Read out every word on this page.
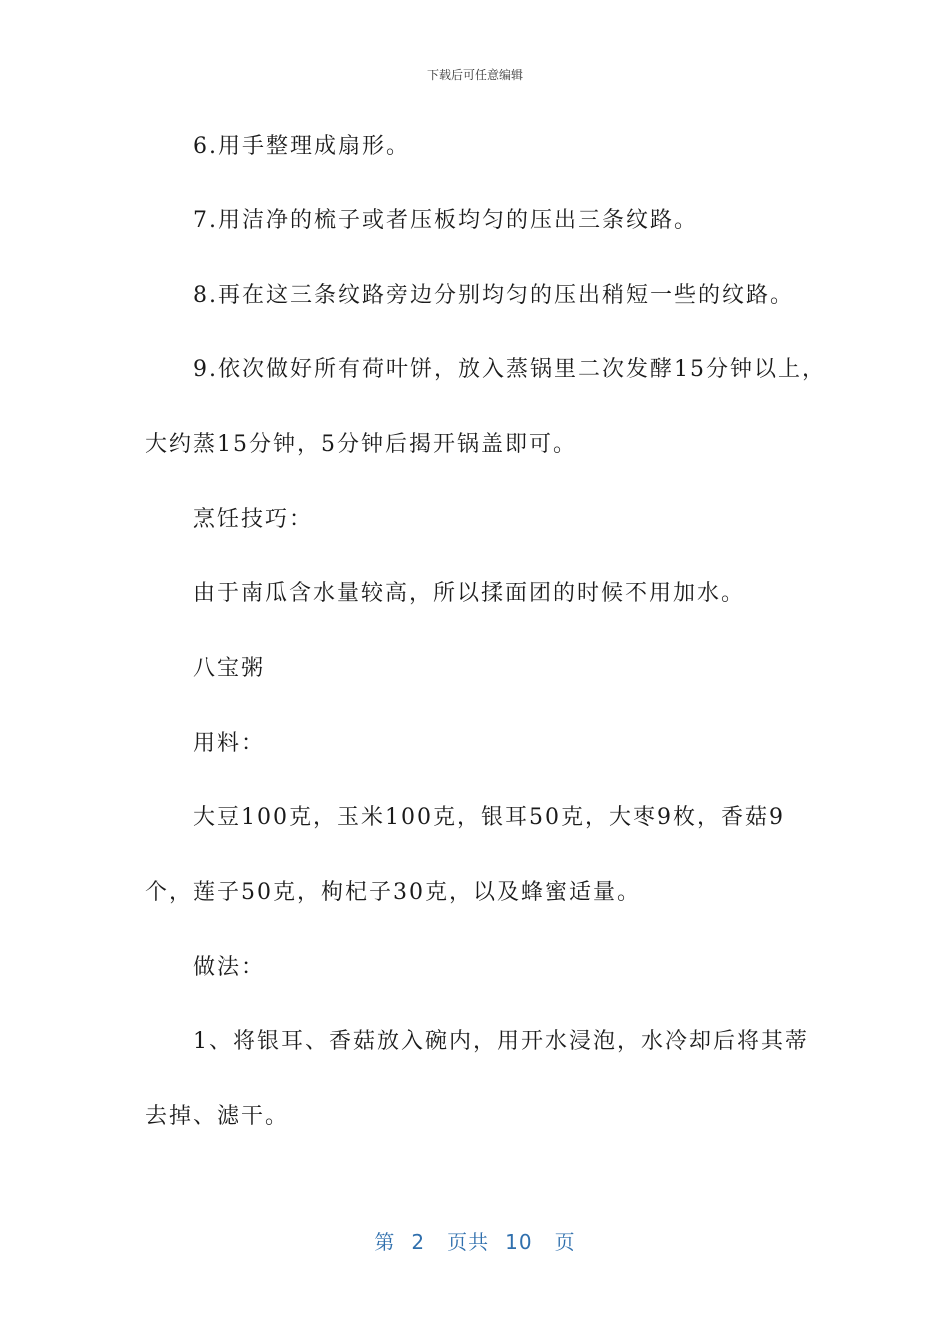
下载后可任意编辑
6.用手整理成扇形。
7.用洁净的梳子或者压板均匀的压出三条纹路。
8.再在这三条纹路旁边分别均匀的压出稍短一些的纹路。
9.依次做好所有荷叶饼，放入蒸锅里二次发酵15分钟以上，
大约蒸15分钟，5分钟后揭开锅盖即可。
烹饪技巧：
由于南瓜含水量较高，所以揉面团的时候不用加水。
八宝粥
用料：
大豆100克，玉米100克，银耳50克，大枣9枚，香菇9
个，莲子50克，枸杞子30克，以及蜂蜜适量。
做法：
1、将银耳、香菇放入碗内，用开水浸泡，水冷却后将其蒂
去掉、滤干。
第 2 页共 10 页
